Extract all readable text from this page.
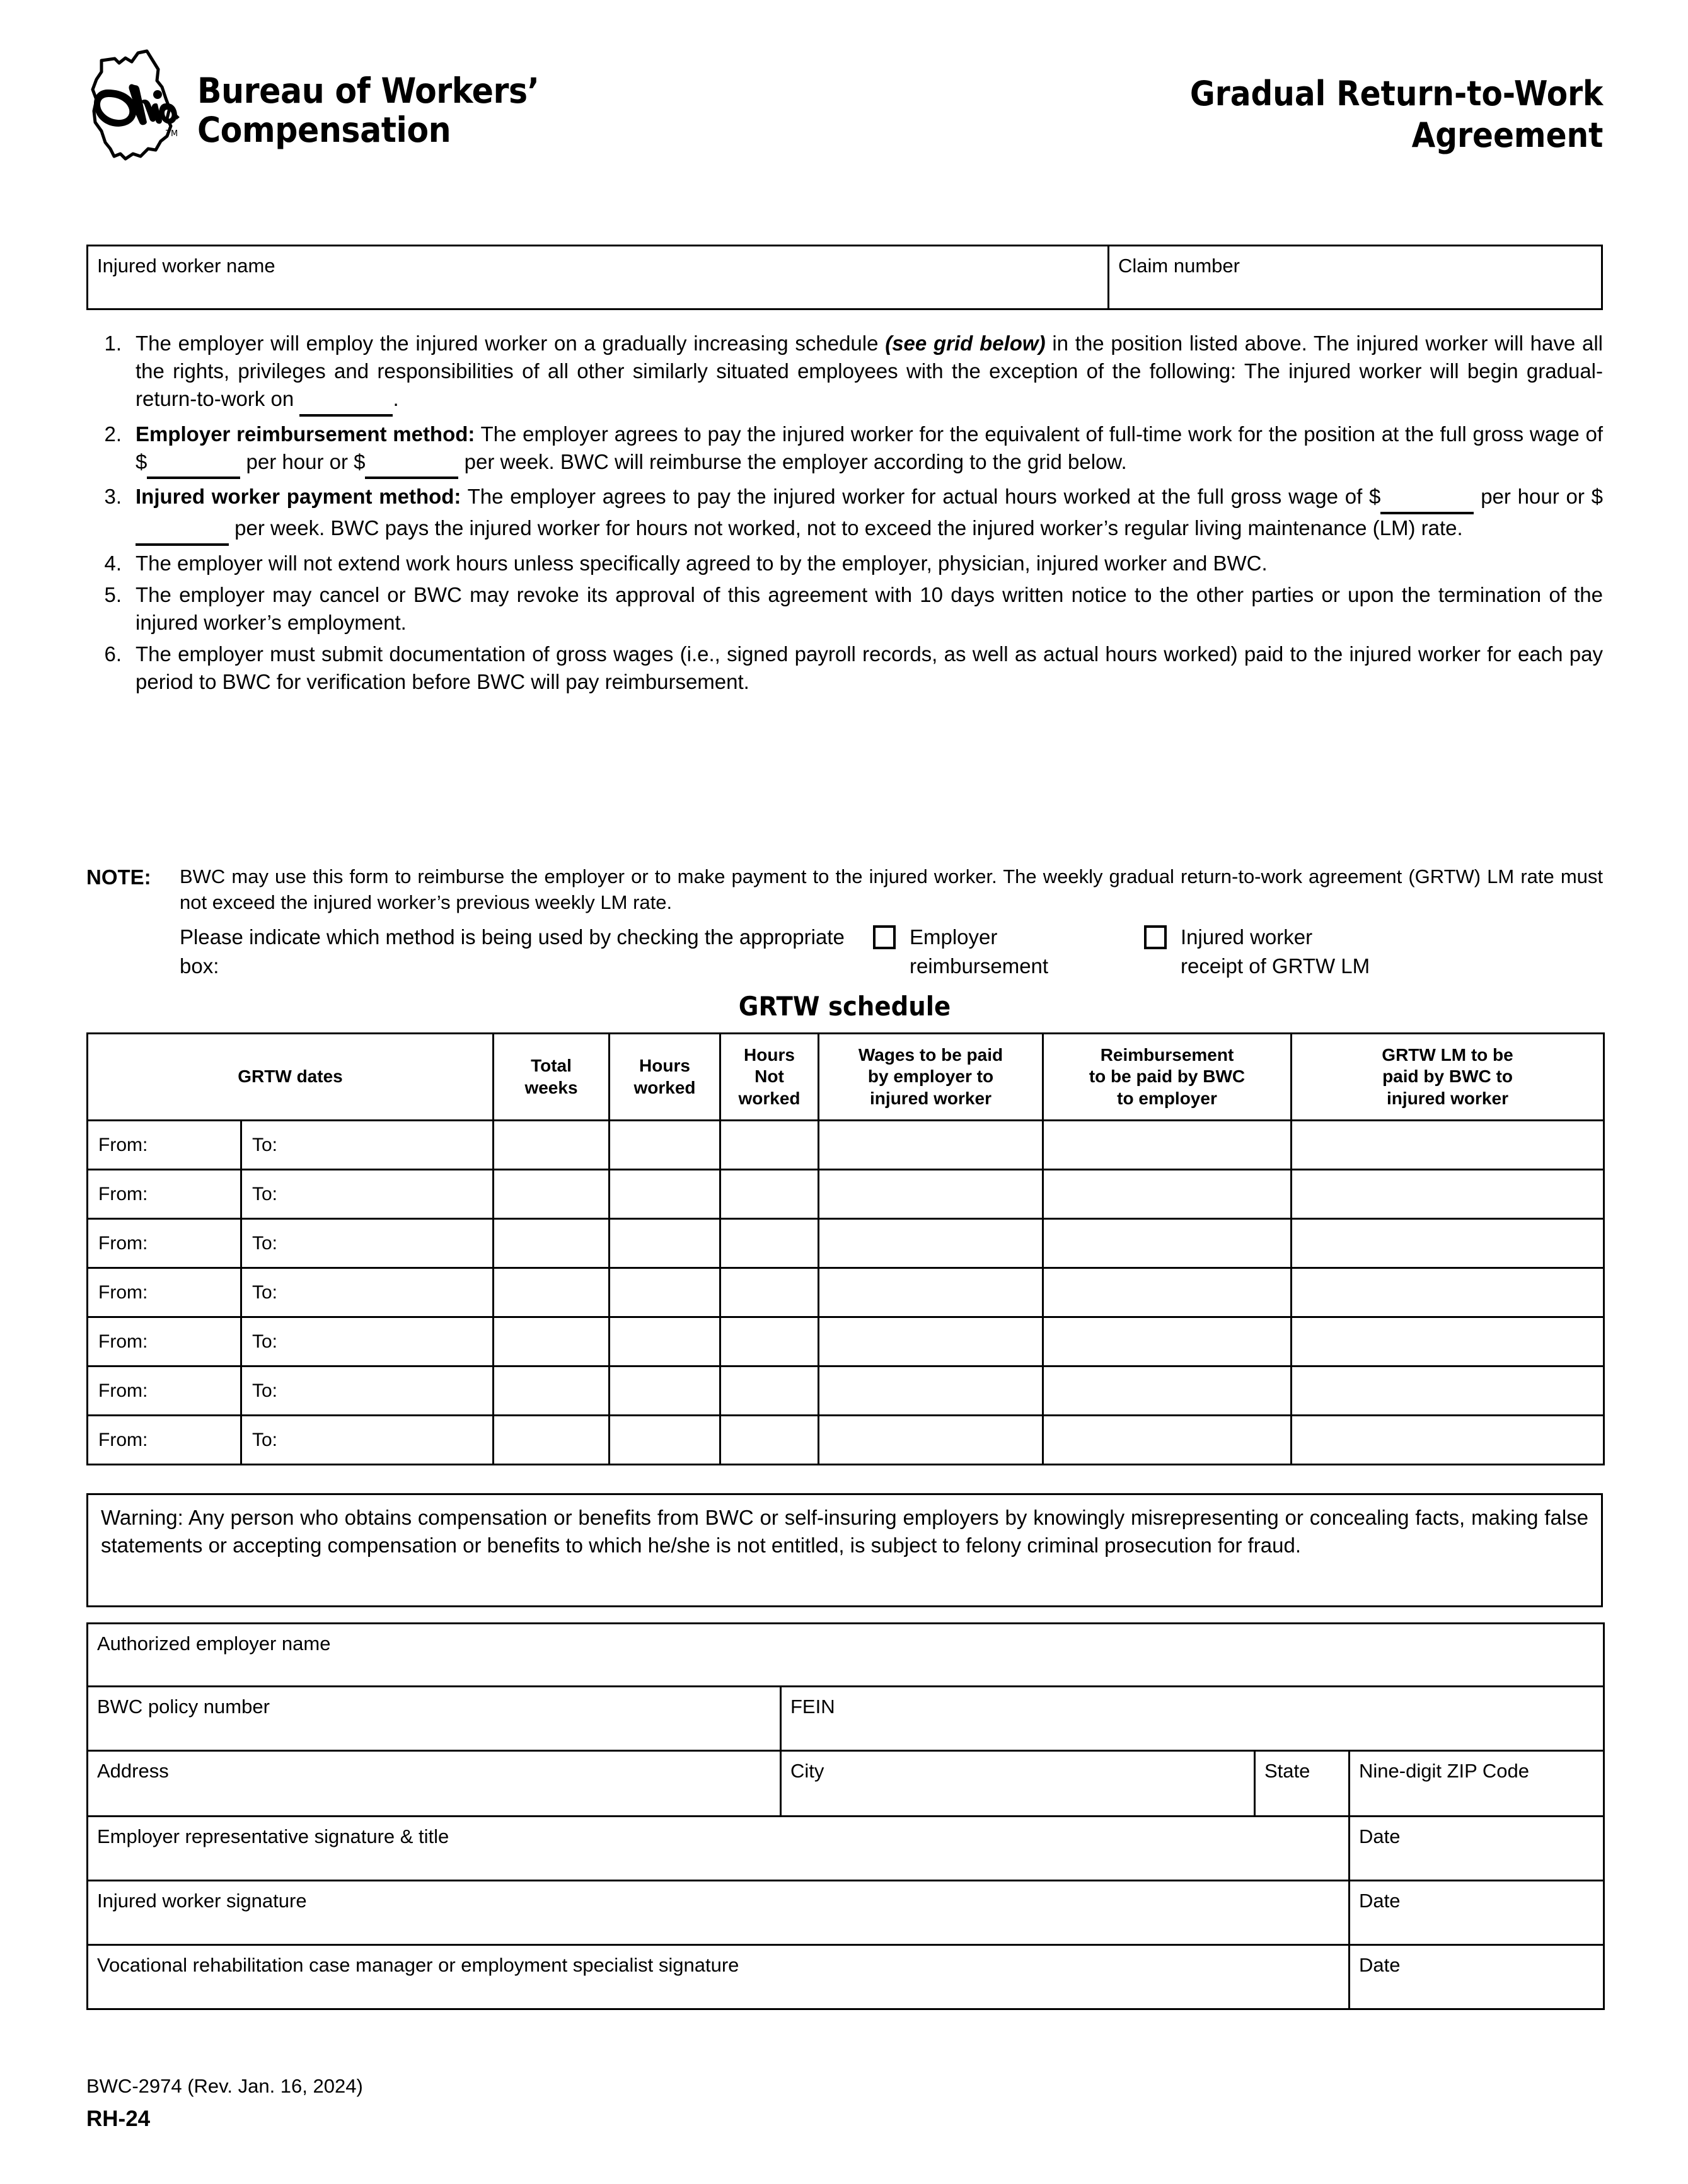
TM
Bureau of Workers’
Compensation
Gradual Return-to-Work
Agreement
Injured worker name	Claim number
1. The employer will employ the injured worker on a gradually increasing schedule (see grid below) in the position listed above. The injured worker will have all the rights, privileges and responsibilities of all other similarly situated employees with the exception of the following: The injured worker will begin gradual-return-to-work on	.
2. Employer reimbursement method: The employer agrees to pay the injured worker for the equivalent of full-time work for the position at the full gross wage of $	per hour or $	per week. BWC will reimburse the employer according to the grid below.
3. Injured worker payment method: The employer agrees to pay the injured worker for actual hours worked at the full gross wage of $	per hour or $  per week. BWC pays the injured worker for hours not worked, not to exceed the injured worker’s regular living maintenance (LM) rate.
4. The employer will not extend work hours unless specifically agreed to by the employer, physician, injured worker and BWC.
5. The employer may cancel or BWC may revoke its approval of this agreement with 10 days written notice to the other parties or upon the termination of the injured worker’s employment.
6. The employer must submit documentation of gross wages (i.e., signed payroll records, as well as actual hours worked) paid to the injured worker for each pay period to BWC for verification before BWC will pay reimbursement.
NOTE:	BWC may use this form to reimburse the employer or to make payment to the injured worker. The weekly gradual return-to-work agreement (GRTW) LM rate must not exceed the injured worker’s previous weekly LM rate.
Please indicate which method is being used by checking the appropriate box:
Employer
reimbursement
Injured worker
receipt of GRTW LM
GRTW schedule
GRTW dates

Total
weeks

Hours
worked

Hours
Not
worked

Wages to be paid
by employer to
injured worker

Reimbursement
to be paid by BWC
to employer

GRTW LM to be
paid by BWC to
injured worker

From:	To:						
From:	To:						
From:	To:						
From:	To:						
From:	To:						
From:	To:						
From:	To:						
Warning: Any person who obtains compensation or benefits from BWC or self-insuring employers by knowingly misrepresenting or concealing facts, making false statements or accepting compensation or benefits to which he/she is not entitled, is subject to felony criminal prosecution for fraud.
Authorized employer name			
BWC policy number	FEIN		
Address	City	State	Nine-digit ZIP Code
Employer representative signature & title			Date
Injured worker signature			Date
Vocational rehabilitation case manager or employment specialist signature			Date
BWC-2974 (Rev. Jan. 16, 2024)
RH-24
